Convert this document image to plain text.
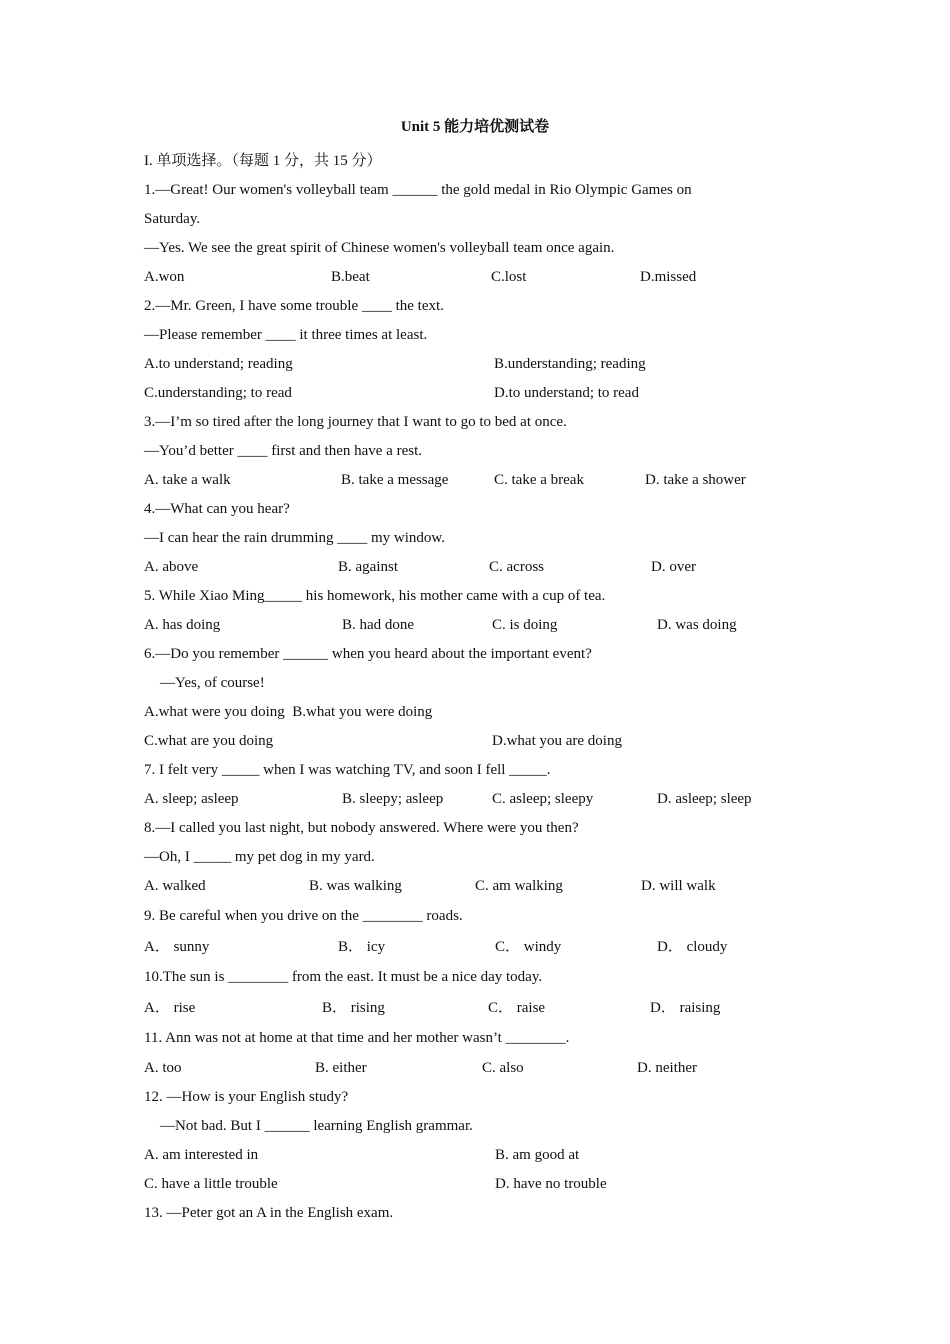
Unit 5 能力培优测试卷
I. 单项选择。（每题 1 分，共 15 分）
1.—Great! Our women's volleyball team ______ the gold medal in Rio Olympic Games on
Saturday.
—Yes. We see the great spirit of Chinese women's volleyball team once again.

A.won

	B.beat

	C.lost

	D.missed

2.—Mr. Green, I have some trouble ____ the text.
—Please remember ____ it three times at least.

A.to understand; reading

	B.understanding; reading

C.understanding; to read

	D.to understand; to read

3.—I’m so tired after the long journey that I want to go to bed at once.
—You’d better ____ first and then have a rest.

A. take a walk

	B. take a message

	C. take a break

	D. take a shower

4.—What can you hear?
—I can hear the rain drumming ____ my window.

A. above

	B. against

	C. across

	D. over

5. While Xiao Ming_____ his homework, his mother came with a cup of tea.

A. has doing

	B. had done

	C. is doing

	D. was doing

6.—Do you remember ______ when you heard about the important event?
—Yes, of course!

A.what were you doing  B.what you were doing

C.what are you doing

	D.what you are doing

7. I felt very _____ when I was watching TV, and soon I fell _____.

A. sleep; asleep

	B. sleepy; asleep

	C. asleep; sleepy

	D. asleep; sleep

8.—I called you last night, but nobody answered. Where were you then?
—Oh, I _____ my pet dog in my yard.

A. walked

	B. was walking

	C. am walking

	D. will walk

9. Be careful when you drive on the ________ roads.

A． sunny

	B． icy

	C． windy

	D． cloudy

10.The sun is ________ from the east. It must be a nice day today.

A． rise

	B． rising

	C． raise

	D． raising

11. Ann was not at home at that time and her mother wasn’t ________.

A. too

	B. either

	C. also

	D. neither

12. —How is your English study?
—Not bad. But I ______ learning English grammar.

A. am interested in

	B. am good at

C. have a little trouble

	D. have no trouble

13. —Peter got an A in the English exam.
